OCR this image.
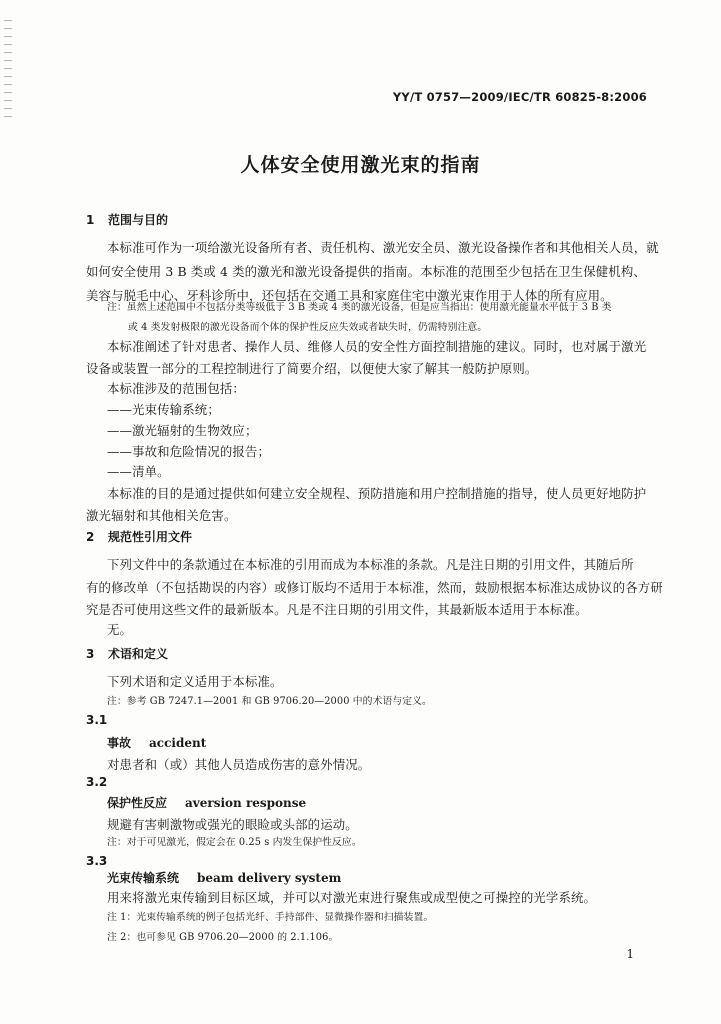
YY/T 0757—2009/IEC/TR 60825-8:2006
人体安全使用激光束的指南
1 范围与目的
本标准可作为一项给激光设备所有者、责任机构、激光安全员、激光设备操作者和其他相关人员，就
如何安全使用 3 B 类或 4 类的激光和激光设备提供的指南。本标准的范围至少包括在卫生保健机构、
美容与脱毛中心、牙科诊所中，还包括在交通工具和家庭住宅中激光束作用于人体的所有应用。
注：虽然上述范围中不包括分类等级低于 3 B 类或 4 类的激光设备，但是应当指出：使用激光能量水平低于 3 B 类
或 4 类发射极限的激光设备而个体的保护性反应失效或者缺失时，仍需特别注意。
本标准阐述了针对患者、操作人员、维修人员的安全性方面控制措施的建议。同时，也对属于激光
设备或装置一部分的工程控制进行了简要介绍，以便使大家了解其一般防护原则。
本标准涉及的范围包括：
——光束传输系统；
——激光辐射的生物效应；
——事故和危险情况的报告；
——清单。
本标准的目的是通过提供如何建立安全规程、预防措施和用户控制措施的指导，使人员更好地防护
激光辐射和其他相关危害。
2 规范性引用文件
下列文件中的条款通过在本标准的引用而成为本标准的条款。凡是注日期的引用文件，其随后所
有的修改单（不包括勘误的内容）或修订版均不适用于本标准，然而，鼓励根据本标准达成协议的各方研
究是否可使用这些文件的最新版本。凡是不注日期的引用文件，其最新版本适用于本标准。
无。
3 术语和定义
下列术语和定义适用于本标准。
注：参考 GB 7247.1—2001 和 GB 9706.20—2000 中的术语与定义。
3.1
事故 accident
对患者和（或）其他人员造成伤害的意外情况。
3.2
保护性反应 aversion response
规避有害刺激物或强光的眼睑或头部的运动。
注：对于可见激光，假定会在 0.25 s 内发生保护性反应。
3.3
光束传输系统 beam delivery system
用来将激光束传输到目标区域，并可以对激光束进行聚焦或成型使之可操控的光学系统。
注 1：光束传输系统的例子包括光纤、手持部件、显微操作器和扫描装置。
注 2：也可参见 GB 9706.20—2000 的 2.1.106。
1
